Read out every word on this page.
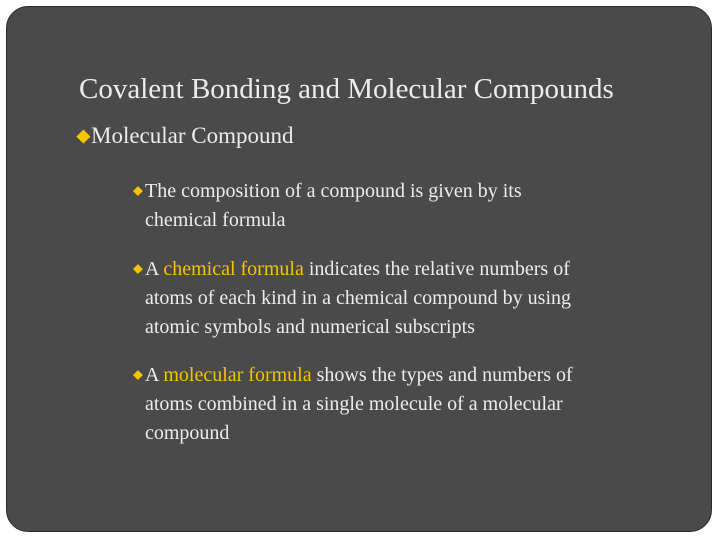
Covalent Bonding and Molecular Compounds
Molecular Compound
The composition of a compound is given by its
chemical formula
A chemical formula indicates the relative numbers of
atoms of each kind in a chemical compound by using
atomic symbols and numerical subscripts
A molecular formula shows the types and numbers of
atoms combined in a single molecule of a molecular
compound
